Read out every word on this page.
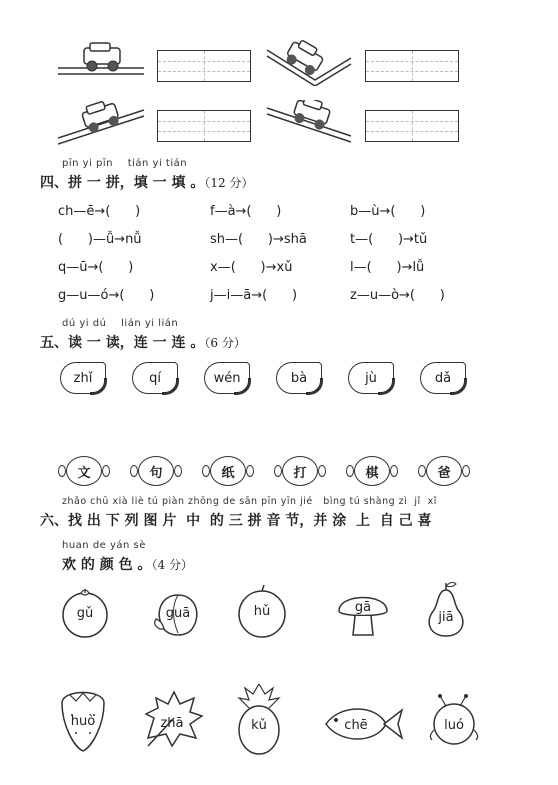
pīn yi pīn    tián yi tián
四、拼 一 拼，填 一 填 。（12 分）
ch—ē→(      )	f—à→(      )	b—ù→(      )
(      )—ǚ→nǚ	sh—(      )→shā	t—(      )→tǔ
q—ū→(      )	x—(      )→xǔ	l—(      )→lǚ
g—u—ó→(      )	j—i—ā→(      )	z—u—ò→(      )
dú yi dú    lián yi lián
五、读 一 读，连 一 连 。（6 分）
zhǐ	qí	wén	bà	jù	dǎ
文	句	纸	打	棋	爸
zhǎo chū xià liè tú piàn zhōng de sān pīn yīn jié   bìng tú shàng zì  jǐ  xǐ
六、找 出 下 列 图 片  中  的 三 拼 音 节，并 涂  上  自 己 喜
huan de yán sè
欢 的 颜 色 。（4 分）
gǔ	guā	hǔ	gā
jiā
huò	zhā	kǔ	chē	luó
